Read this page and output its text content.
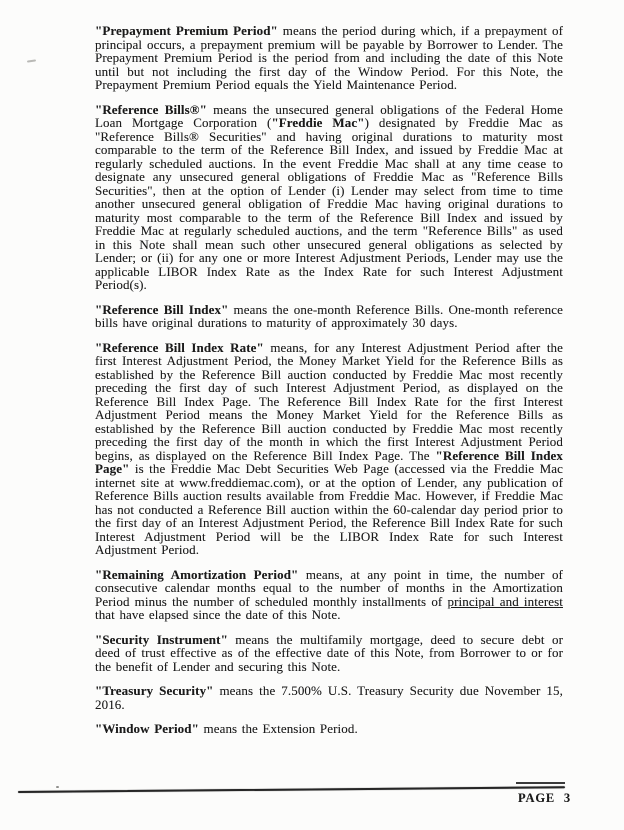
"Prepayment Premium Period" means the period during which, if a prepayment of principal occurs, a prepayment premium will be payable by Borrower to Lender. The Prepayment Premium Period is the period from and including the date of this Note until but not including the first day of the Window Period. For this Note, the Prepayment Premium Period equals the Yield Maintenance Period.

"Reference Bills®" means the unsecured general obligations of the Federal Home Loan Mortgage Corporation ("Freddie Mac") designated by Freddie Mac as "Reference Bills® Securities" and having original durations to maturity most comparable to the term of the Reference Bill Index, and issued by Freddie Mac at regularly scheduled auctions. In the event Freddie Mac shall at any time cease to designate any unsecured general obligations of Freddie Mac as "Reference Bills Securities", then at the option of Lender (i) Lender may select from time to time another unsecured general obligation of Freddie Mac having original durations to maturity most comparable to the term of the Reference Bill Index and issued by Freddie Mac at regularly scheduled auctions, and the term "Reference Bills" as used in this Note shall mean such other unsecured general obligations as selected by Lender; or (ii) for any one or more Interest Adjustment Periods, Lender may use the applicable LIBOR Index Rate as the Index Rate for such Interest Adjustment Period(s).

"Reference Bill Index" means the one-month Reference Bills. One-month reference bills have original durations to maturity of approximately 30 days.

"Reference Bill Index Rate" means, for any Interest Adjustment Period after the first Interest Adjustment Period, the Money Market Yield for the Reference Bills as established by the Reference Bill auction conducted by Freddie Mac most recently preceding the first day of such Interest Adjustment Period, as displayed on the Reference Bill Index Page. The Reference Bill Index Rate for the first Interest Adjustment Period means the Money Market Yield for the Reference Bills as established by the Reference Bill auction conducted by Freddie Mac most recently preceding the first day of the month in which the first Interest Adjustment Period begins, as displayed on the Reference Bill Index Page. The "Reference Bill Index Page" is the Freddie Mac Debt Securities Web Page (accessed via the Freddie Mac internet site at www.freddiemac.com), or at the option of Lender, any publication of Reference Bills auction results available from Freddie Mac. However, if Freddie Mac has not conducted a Reference Bill auction within the 60-calendar day period prior to the first day of an Interest Adjustment Period, the Reference Bill Index Rate for such Interest Adjustment Period will be the LIBOR Index Rate for such Interest Adjustment Period.

"Remaining Amortization Period" means, at any point in time, the number of consecutive calendar months equal to the number of months in the Amortization Period minus the number of scheduled monthly installments of principal and interest that have elapsed since the date of this Note.

"Security Instrument" means the multifamily mortgage, deed to secure debt or deed of trust effective as of the effective date of this Note, from Borrower to or for the benefit of Lender and securing this Note.

"Treasury Security" means the 7.500% U.S. Treasury Security due November 15, 2016.

"Window Period" means the Extension Period.

PAGE 3
